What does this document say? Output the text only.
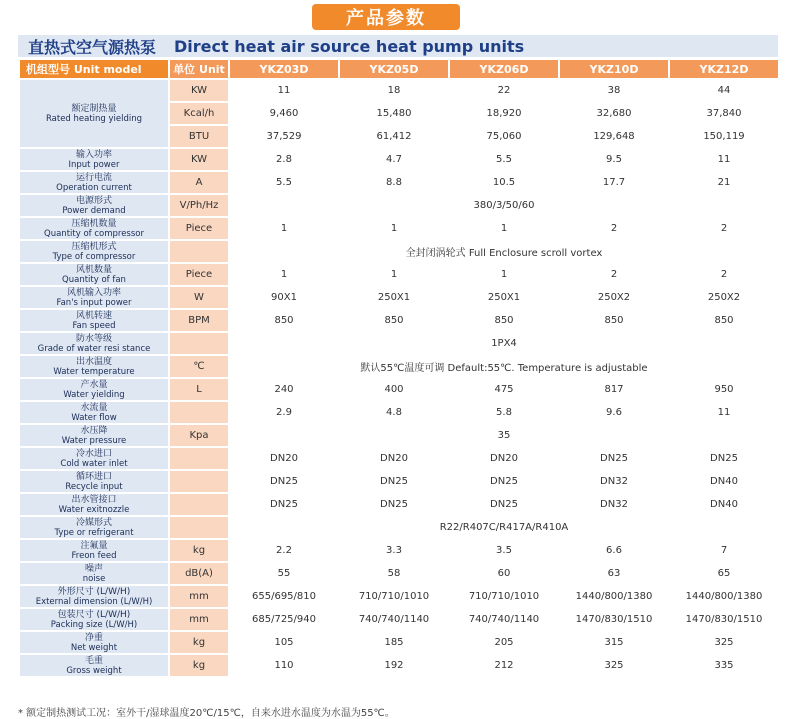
产品参数
直热式空气源热泵 Direct heat air source heat pump units
机组型号 Unit model	单位 Unit	YKZ03D	YKZ05D	YKZ06D	YKZ10D	YKZ12D

额定制热量
Rated heating yielding	KW	11	18	22	38	44
	Kcal/h	9,460	15,480	18,920	32,680	37,840
	BTU	37,529	61,412	75,060	129,648	150,119

输入功率
Input power	KW	2.8	4.7	5.5	9.5	11

运行电流
Operation current	A	5.5	8.8	10.5	17.7	21

电源形式
Power demand	V/Ph/Hz	380/3/50/60				

压缩机数量
Quantity of compressor	Piece	1	1	1	2	2

压缩机形式
Type of compressor		全封闭涡轮式 Full Enclosure scroll vortex				

风机数量
Quantity of fan	Piece	1	1	1	2	2

风机输入功率
Fan's input power	W	90X1	250X1	250X1	250X2	250X2

风机转速
Fan speed	BPM	850	850	850	850	850

防水等级
Grade of water resi stance		1PX4				

出水温度
Water temperature	℃	默认55℃温度可调 Default:55℃. Temperature is adjustable				

产水量
Water yielding	L	240	400	475	817	950

水流量
Water flow		2.9	4.8	5.8	9.6	11

水压降
Water pressure	Kpa	35				

冷水进口
Cold water inlet		DN20	DN20	DN20	DN25	DN25

循环进口
Recycle input		DN25	DN25	DN25	DN32	DN40

出水管接口
Water exitnozzle		DN25	DN25	DN25	DN32	DN40

冷媒形式
Type or refrigerant		R22/R407C/R417A/R410A				

注氟量
Freon feed	kg	2.2	3.3	3.5	6.6	7

噪声
noise	dB(A)	55	58	60	63	65

外形尺寸 (L/W/H)
External dimension (L/W/H)	mm	655/695/810	710/710/1010	710/710/1010	1440/800/1380	1440/800/1380

包装尺寸 (L/W/H)
Packing size (L/W/H)	mm	685/725/940	740/740/1140	740/740/1140	1470/830/1510	1470/830/1510

净重
Net weight	kg	105	185	205	315	325

毛重
Gross weight	kg	110	192	212	325	335
* 额定制热测试工况：室外干/湿球温度20℃/15℃，自来水进水温度为水温为55℃。
